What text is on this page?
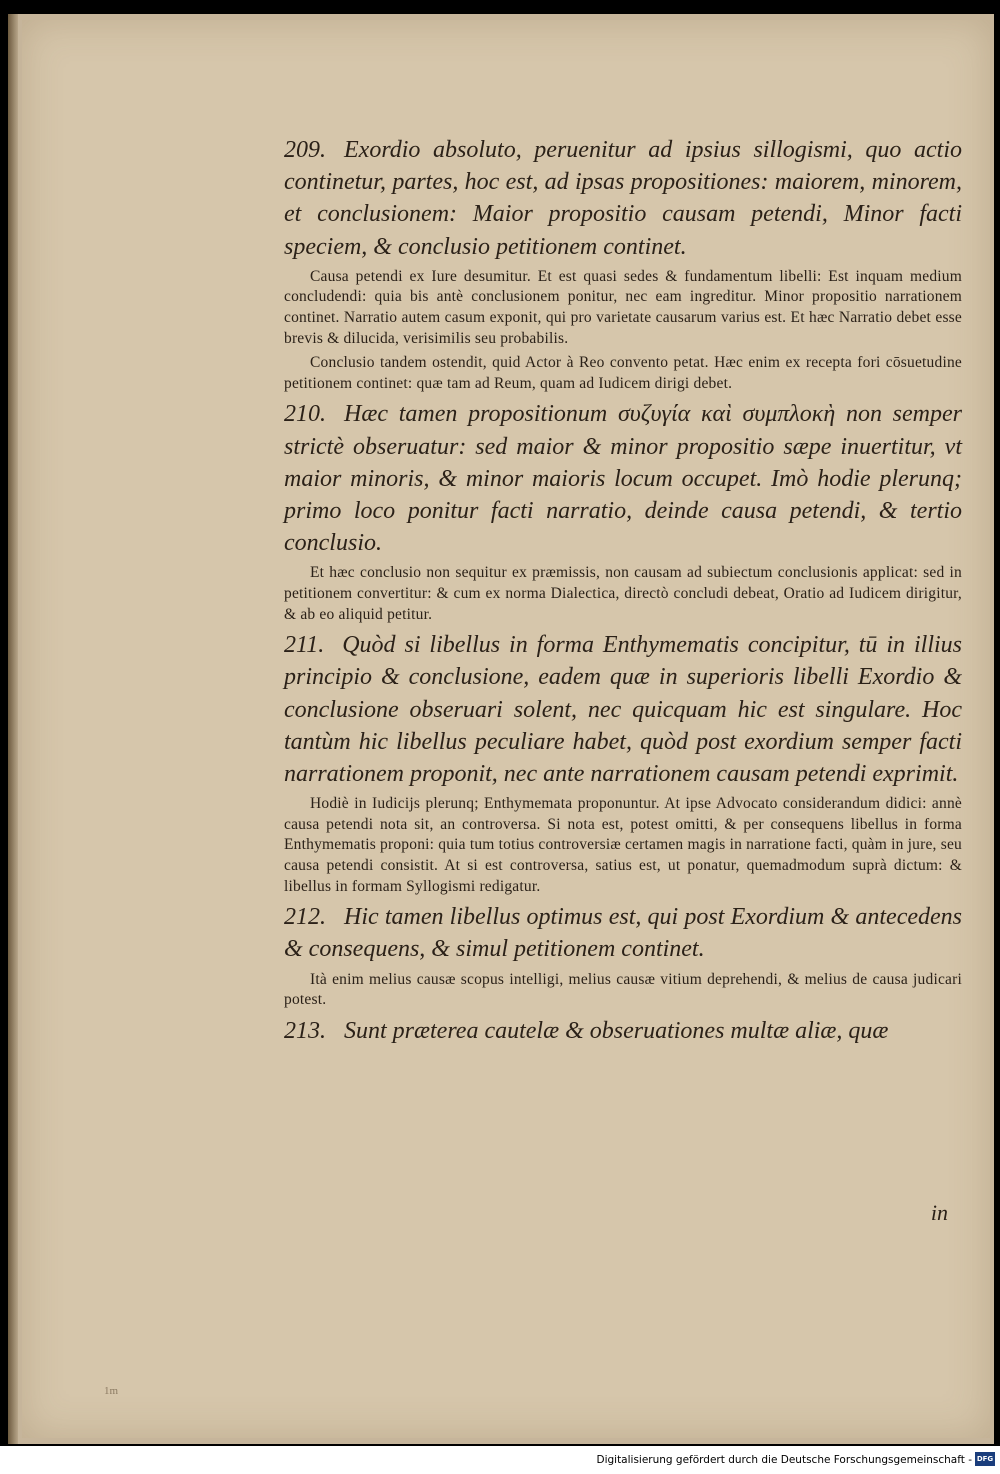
209. Exordio absoluto, peruenitur ad ipsius sillogismi, quo actio continetur, partes, hoc est, ad ipsas propositiones: maiorem, minorem, et conclusionem: Maior propositio causam petendi, Minor facti speciem, & conclusio petitionem continet.

Causa petendi ex Iure desumitur. Et est quasi sedes & fundamentum libelli: Est inquam medium concludendi: quia bis antè conclusionem ponitur, nec eam ingreditur. Minor propositio narrationem continet. Narratio autem casum exponit, qui pro varietate causarum varius est. Et hæc Narratio debet esse brevis & dilucida, verisimilis seu probabilis.

Conclusio tandem ostendit, quid Actor à Reo convento petat. Hæc enim ex recepta fori cōsuetudine petitionem continet: quæ tam ad Reum, quam ad Iudicem dirigi debet.

210. Hæc tamen propositionum συζυγία καὶ συμπλοκὴ non semper strictè obseruatur: sed maior & minor propositio sæpe inuertitur, vt maior minoris, & minor maioris locum occupet. Imò hodie plerunq; primo loco ponitur facti narratio, deinde causa petendi, & tertio conclusio.

Et hæc conclusio non sequitur ex præmissis, non causam ad subiectum conclusionis applicat: sed in petitionem convertitur: & cum ex norma Dialectica, directò concludi debeat, Oratio ad Iudicem dirigitur, & ab eo aliquid petitur.

211. Quòd si libellus in forma Enthymematis concipitur, tū in illius principio & conclusione, eadem quæ in superioris libelli Exordio & conclusione obseruari solent, nec quicquam hic est singulare. Hoc tantùm hic libellus peculiare habet, quòd post exordium semper facti narrationem proponit, nec ante narrationem causam petendi exprimit.

Hodiè in Iudicijs plerunq; Enthymemata proponuntur. At ipse Advocato considerandum didici: annè causa petendi nota sit, an controversa. Si nota est, potest omitti, & per consequens libellus in forma Enthymematis proponi: quia tum totius controversiæ certamen magis in narratione facti, quàm in jure, seu causa petendi consistit. At si est controversa, satius est, ut ponatur, quemadmodum suprà dictum: & libellus in formam Syllogismi redigatur.

212. Hic tamen libellus optimus est, qui post Exordium & antecedens & consequens, & simul petitionem continet.

Ità enim melius causæ scopus intelligi, melius causæ vitium deprehendi, & melius de causa judicari potest.

213. Sunt præterea cautelæ & obseruationes multæ aliæ, quæ

in
1m
Digitalisierung gefördert durch die Deutsche Forschungsgemeinschaft - DFG
